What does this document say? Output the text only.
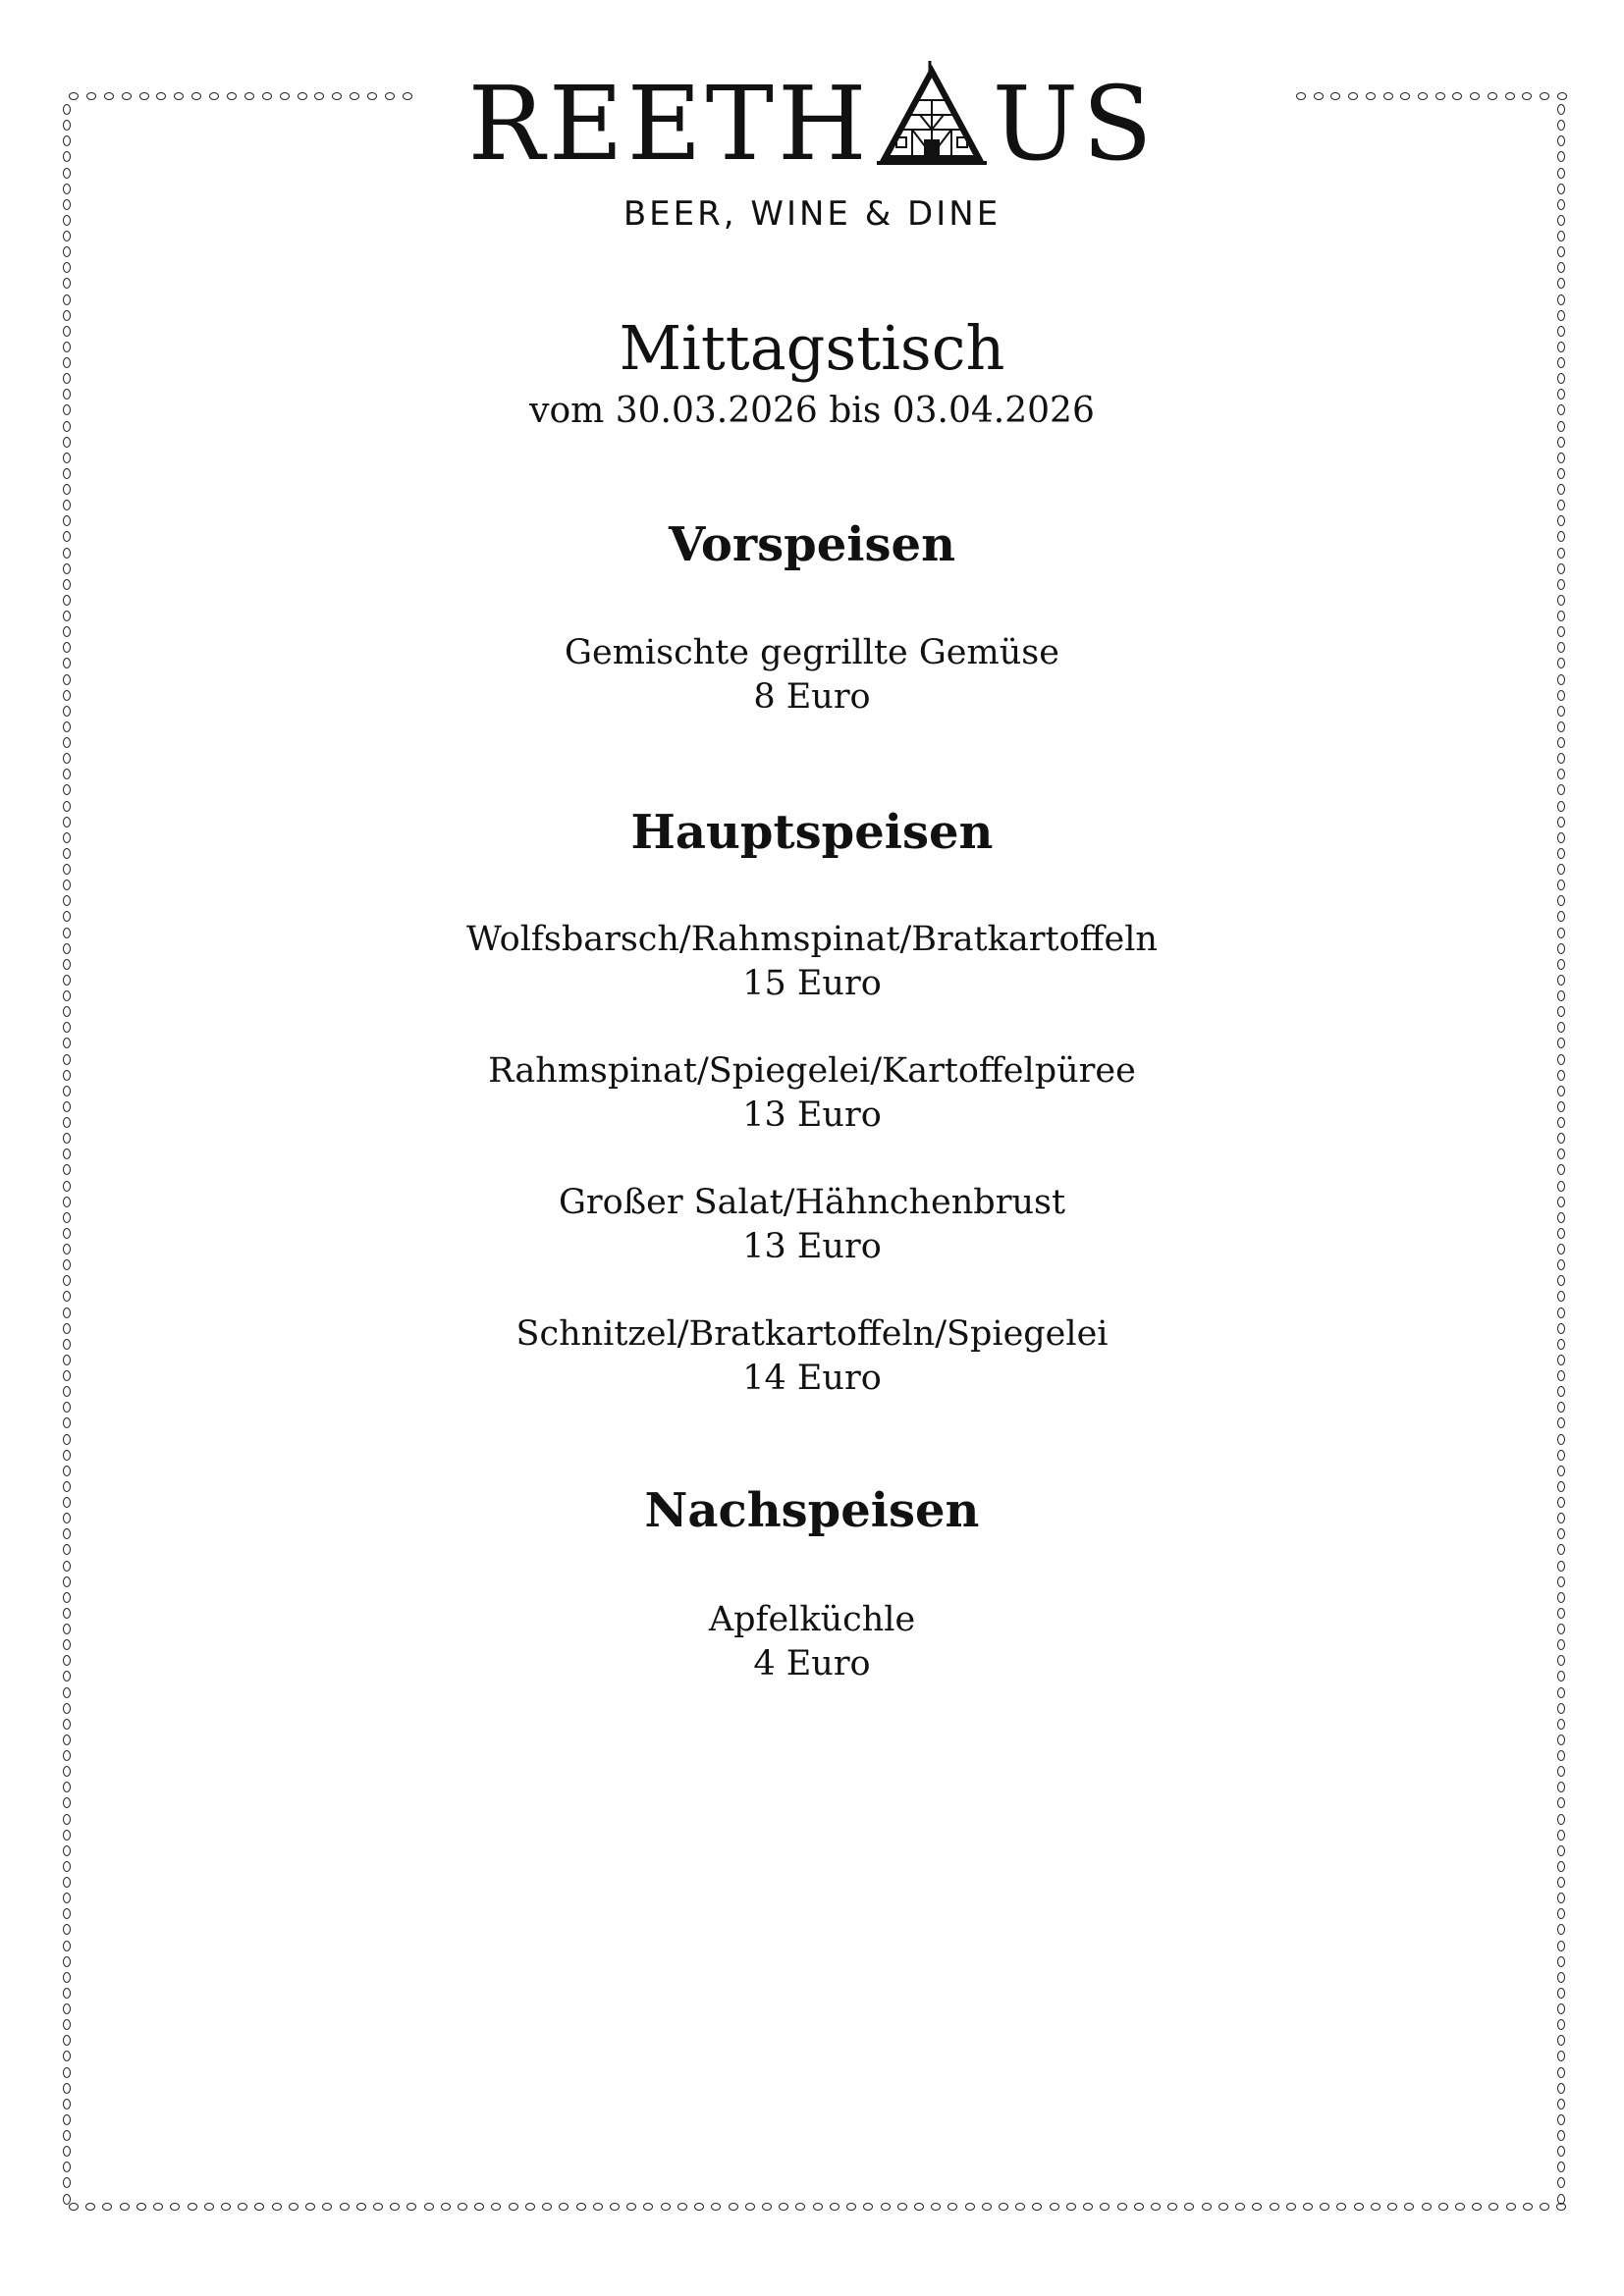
REETH US
BEER, WINE & DINE
Mittagstisch
vom 30.03.2026 bis 03.04.2026
Vorspeisen
Gemischte gegrillte Gemüse
8 Euro
Hauptspeisen
Wolfsbarsch/Rahmspinat/Bratkartoffeln
15 Euro
Rahmspinat/Spiegelei/Kartoffelpüree
13 Euro
Großer Salat/Hähnchenbrust
13 Euro
Schnitzel/Bratkartoffeln/Spiegelei
14 Euro
Nachspeisen
Apfelküchle
4 Euro
